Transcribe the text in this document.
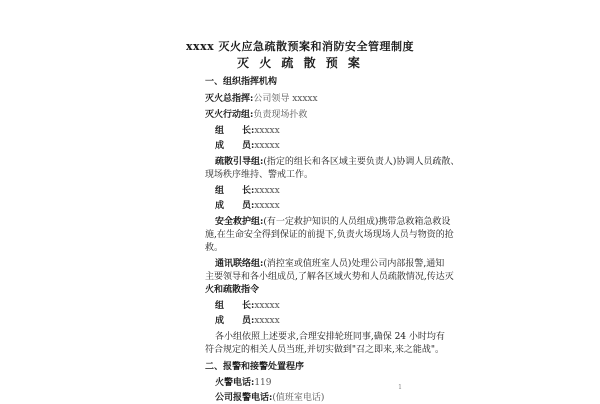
xxxx 灭火应急疏散预案和消防安全管理制度
灭 火 疏 散 预 案
一、组织指挥机构
灭火总指挥:公司领导 xxxxx
灭火行动组:负责现场扑救
组　　长:xxxxx
成　　员:xxxxx
疏散引导组:(指定的组长和各区域主要负责人)协调人员疏散、
现场秩序维持、警戒工作。
组　　长:xxxxx
成　　员:xxxxx
安全救护组:(有一定救护知识的人员组成)携带急救箱急救设
施,在生命安全得到保证的前提下,负责火场现场人员与物资的抢
救。
通讯联络组:(消控室或值班室人员)处理公司内部报警,通知
主要领导和各小组成员,了解各区域火势和人员疏散情况,传达灭
火和疏散指令
组　　长:xxxxx
成　　员:xxxxx
各小组依照上述要求,合理安排轮班同事,确保 24 小时均有
符合规定的相关人员当班,并切实做到"召之即来,来之能战"。
二、报警和接警处置程序
火警电话:119	1
公司报警电话:(值班室电话)
